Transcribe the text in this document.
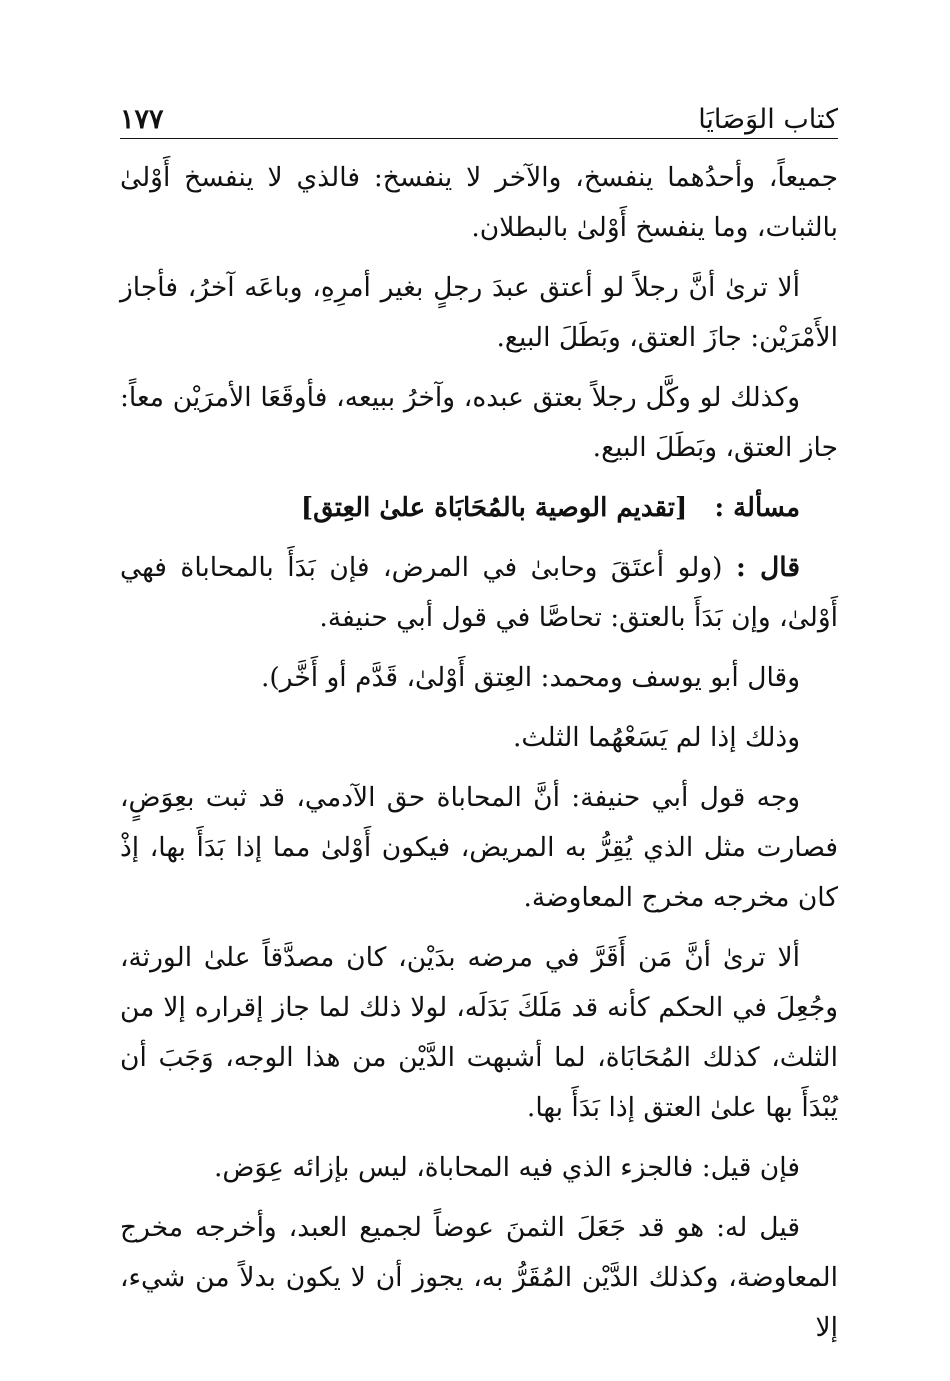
كتاب الوَصَايَا
١٧٧

جميعاً، وأحدُهما ينفسخ، والآخر لا ينفسخ: فالذي لا ينفسخ أَوْلىٰ بالثبات، وما ينفسخ أَوْلىٰ بالبطلان.

ألا ترىٰ أنَّ رجلاً لو أعتق عبدَ رجلٍ بغير أمرِهِ، وباعَه آخرُ، فأجاز الأَمْرَيْن: جازَ العتق، وبَطَلَ البيع.

وكذلك لو وكَّل رجلاً بعتق عبده، وآخرُ ببيعه، فأوقَعَا الأمرَيْن معاً: جاز العتق، وبَطَلَ البيع.

مسألة :   [تقديم الوصية بالمُحَابَاة علىٰ العِتق]

قال : (ولو أعتَقَ وحابىٰ في المرض، فإن بَدَأَ بالمحاباة فهي أَوْلىٰ، وإن بَدَأَ بالعتق: تحاصَّا في قول أبي حنيفة.

وقال أبو يوسف ومحمد: العِتق أَوْلىٰ، قَدَّم أو أَخَّر).

وذلك إذا لم يَسَعْهُما الثلث.

وجه قول أبي حنيفة: أنَّ المحاباة حق الآدمي، قد ثبت بعِوَضٍ، فصارت مثل الذي يُقِرُّ به المريض، فيكون أَوْلىٰ مما إذا بَدَأَ بها، إذْ كان مخرجه مخرج المعاوضة.

ألا ترىٰ أنَّ مَن أَقَرَّ في مرضه بدَيْن، كان مصدَّقاً علىٰ الورثة، وجُعِلَ في الحكم كأنه قد مَلَكَ بَدَلَه، لولا ذلك لما جاز إقراره إلا من الثلث، كذلك المُحَابَاة، لما أشبهت الدَّيْن من هذا الوجه، وَجَبَ أن يُبْدَأَ بها علىٰ العتق إذا بَدَأَ بها.

فإن قيل: فالجزء الذي فيه المحاباة، ليس بإزائه عِوَض.

قيل له: هو قد جَعَلَ الثمنَ عوضاً لجميع العبد، وأخرجه مخرج المعاوضة، وكذلك الدَّيْن المُقَرُّ به، يجوز أن لا يكون بدلاً من شيء، إلا
